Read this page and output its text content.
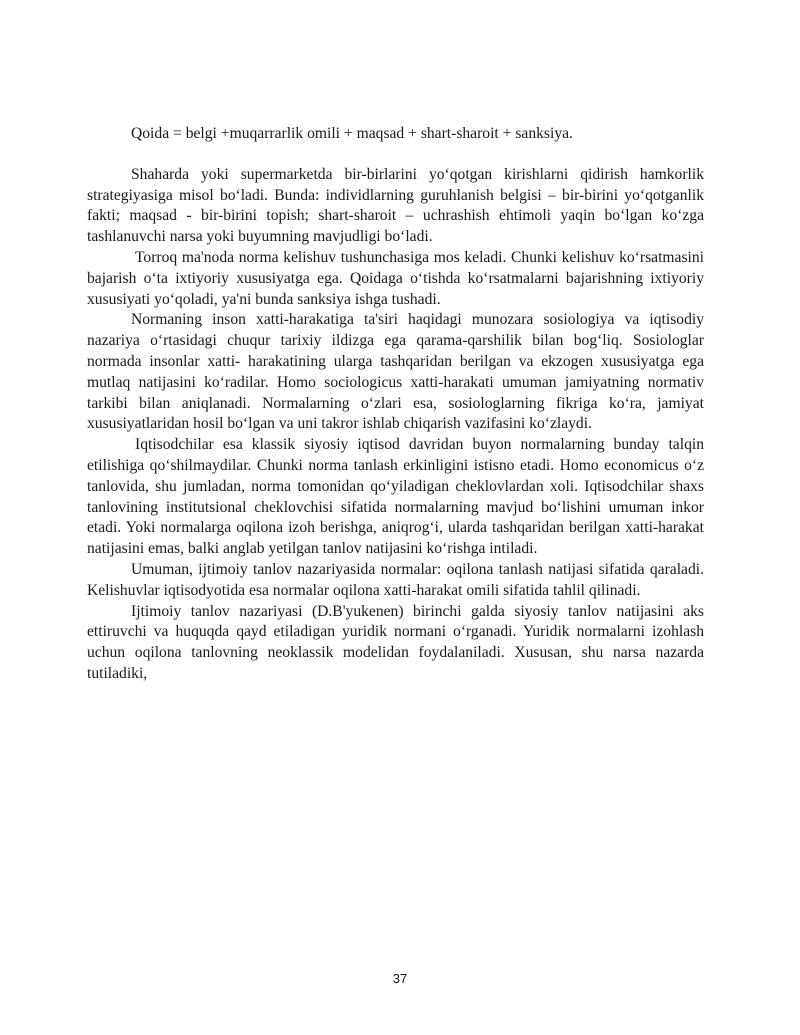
Qoida = belgi +muqarrarlik omili + maqsad + shart-sharoit + sanksiya.

Shaharda yoki supermarketda bir-birlarini yo‘qotgan kirishlarni qidirish hamkorlik strategiyasiga misol bo‘ladi. Bunda: individlarning guruhlanish belgisi – bir-birini yo‘qotganlik fakti; maqsad - bir-birini topish; shart-sharoit – uchrashish ehtimoli yaqin bo‘lgan ko‘zga tashlanuvchi narsa yoki buyumning mavjudligi bo‘ladi.

Torroq ma'noda norma kelishuv tushunchasiga mos keladi. Chunki kelishuv ko‘rsatmasini bajarish o‘ta ixtiyoriy xususiyatga ega. Qoidaga o‘tishda ko‘rsatmalarni bajarishning ixtiyoriy xususiyati yo‘qoladi, ya'ni bunda sanksiya ishga tushadi.

Normaning inson xatti-harakatiga ta'siri haqidagi munozara sosiologiya va iqtisodiy nazariya o‘rtasidagi chuqur tarixiy ildizga ega qarama-qarshilik bilan bog‘liq. Sosiologlar normada insonlar xatti- harakatining ularga tashqaridan berilgan va ekzogen xususiyatga ega mutlaq natijasini ko‘radilar. Homo sociologicus xatti-harakati umuman jamiyatning normativ tarkibi bilan aniqlanadi. Normalarning o‘zlari esa, sosiologlarning fikriga ko‘ra, jamiyat xususiyatlaridan hosil bo‘lgan va uni takror ishlab chiqarish vazifasini ko‘zlaydi.

Iqtisodchilar esa klassik siyosiy iqtisod davridan buyon normalarning bunday talqin etilishiga qo‘shilmaydilar. Chunki norma tanlash erkinligini istisno etadi. Homo economicus o‘z tanlovida, shu jumladan, norma tomonidan qo‘yiladigan cheklovlardan xoli. Iqtisodchilar shaxs tanlovining institutsional cheklovchisi sifatida normalarning mavjud bo‘lishini umuman inkor etadi. Yoki normalarga oqilona izoh berishga, aniqrog‘i, ularda tashqaridan berilgan xatti-harakat natijasini emas, balki anglab yetilgan tanlov natijasini ko‘rishga intiladi.

Umuman, ijtimoiy tanlov nazariyasida normalar: oqilona tanlash natijasi sifatida qaraladi. Kelishuvlar iqtisodyotida esa normalar oqilona xatti-harakat omili sifatida tahlil qilinadi.

Ijtimoiy tanlov nazariyasi (D.B'yukenen) birinchi galda siyosiy tanlov natijasini aks ettiruvchi va huquqda qayd etiladigan yuridik normani o‘rganadi. Yuridik normalarni izohlash uchun oqilona tanlovning neoklassik modelidan foydalaniladi. Xususan, shu narsa nazarda tutiladiki,

37
